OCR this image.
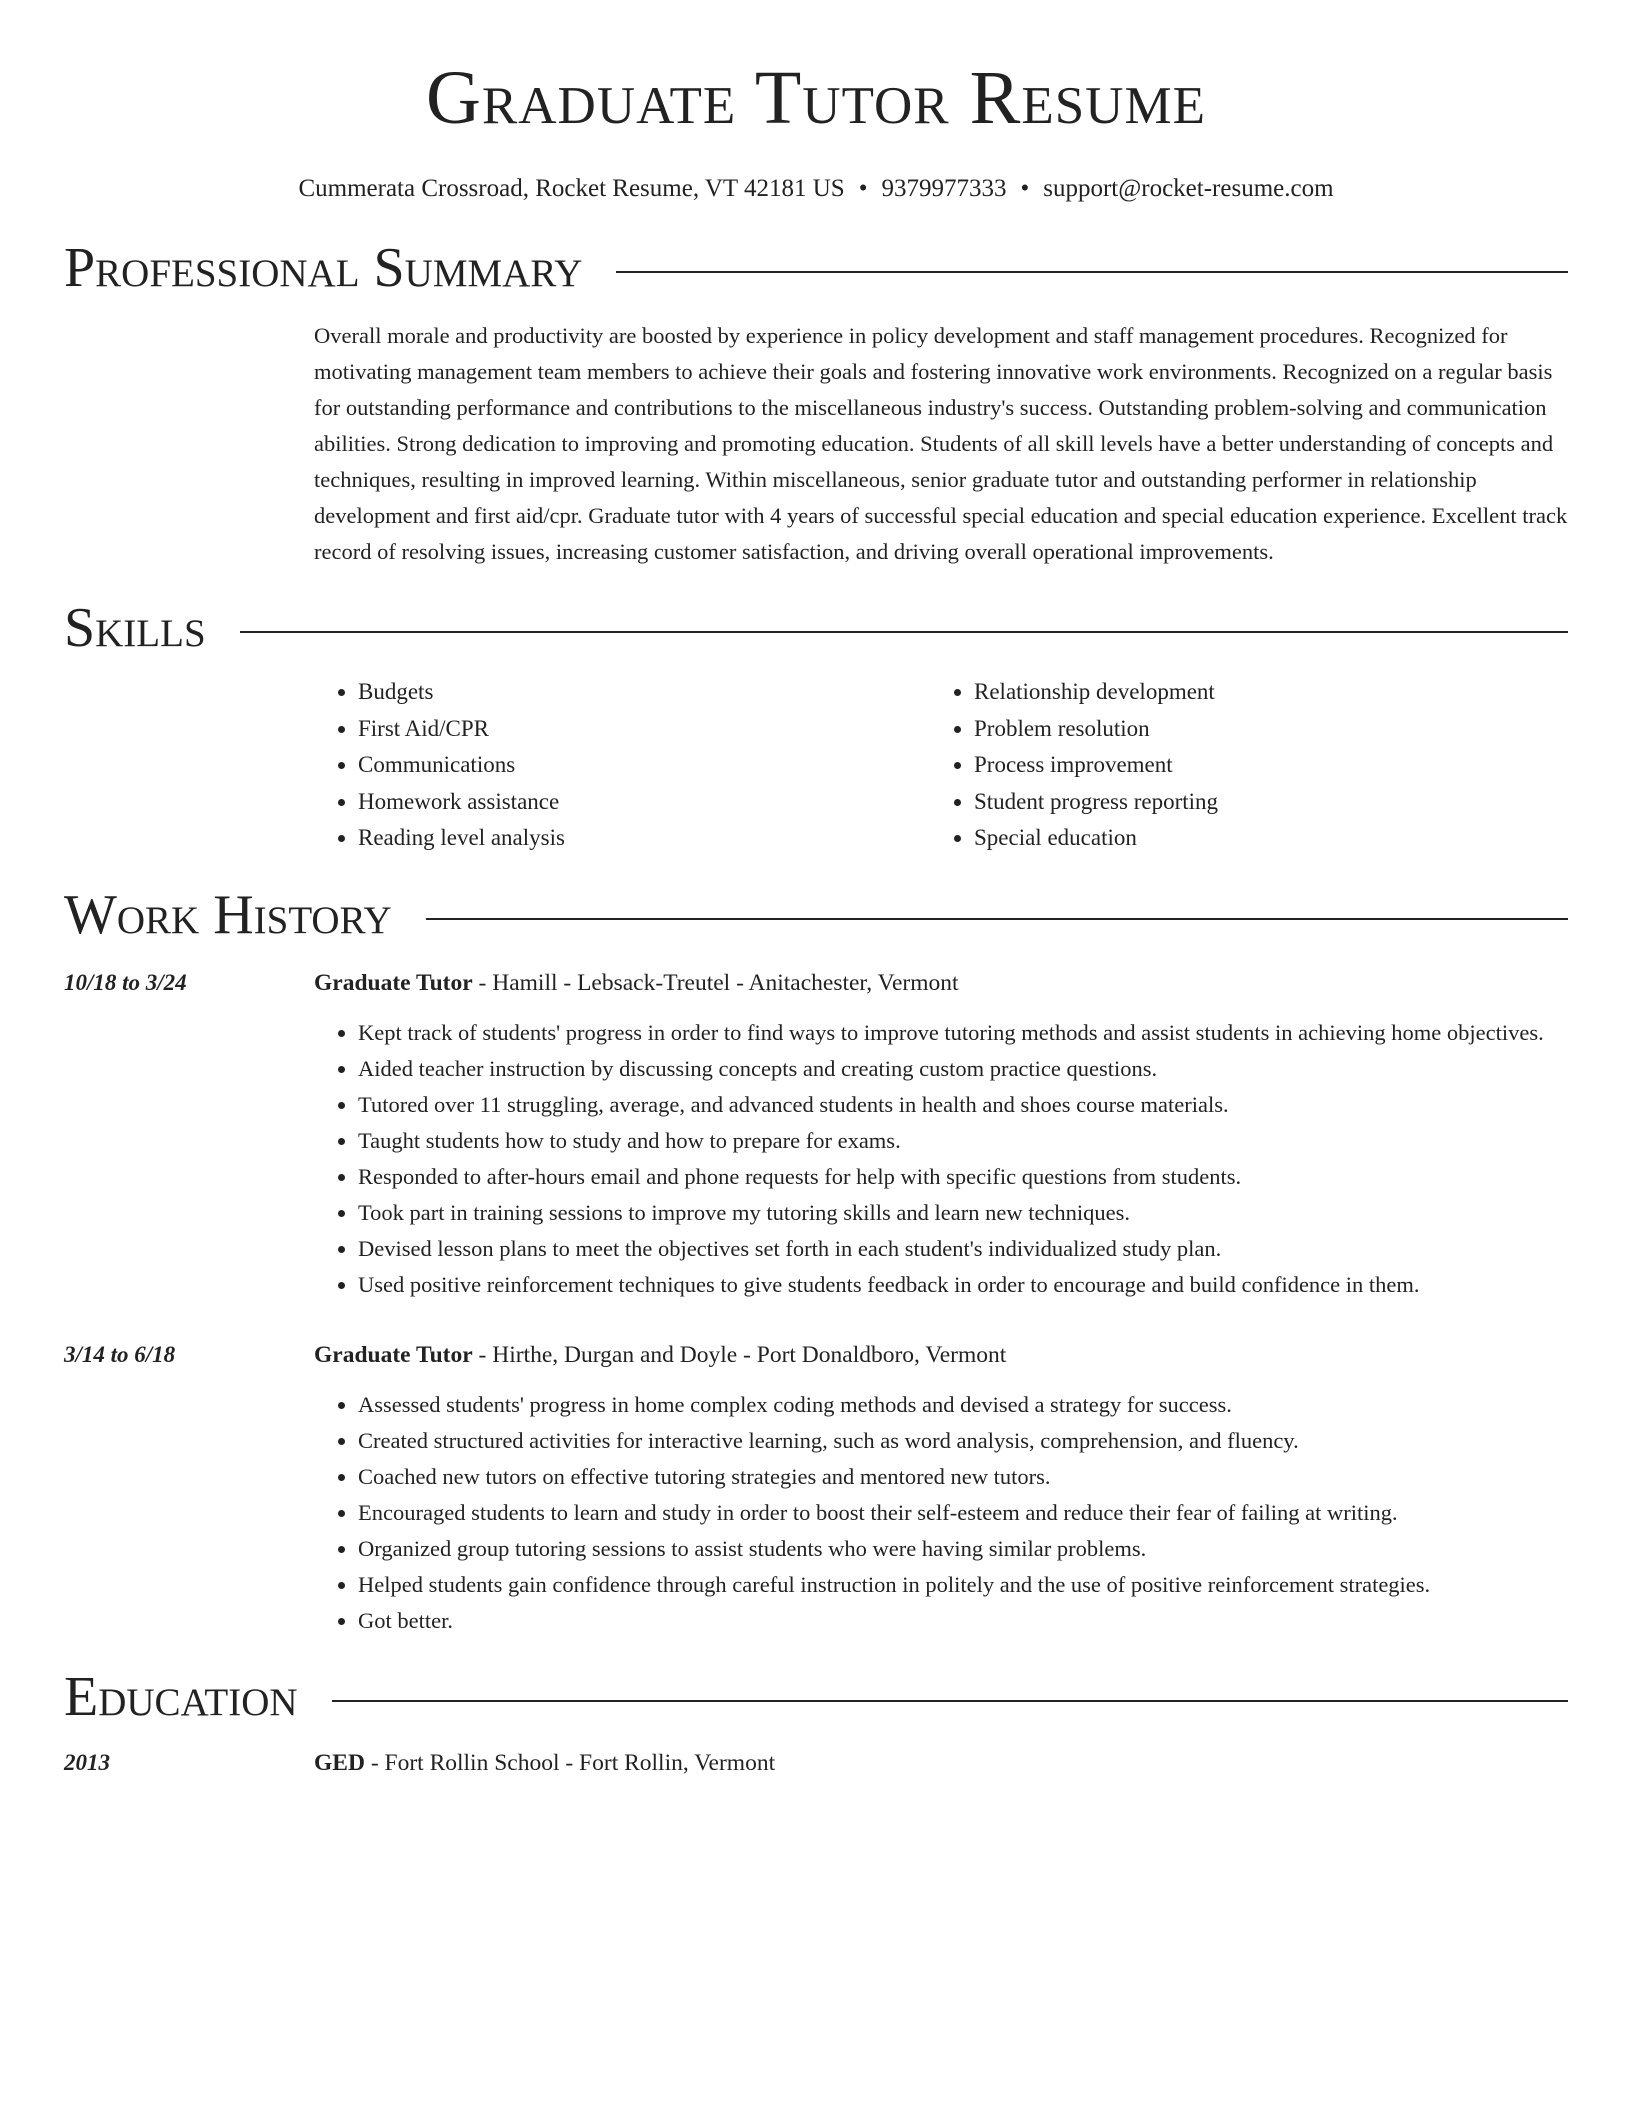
Graduate Tutor Resume
Cummerata Crossroad, Rocket Resume, VT 42181 US • 9379977333 • support@rocket-resume.com
Professional Summary
Overall morale and productivity are boosted by experience in policy development and staff management procedures. Recognized for motivating management team members to achieve their goals and fostering innovative work environments. Recognized on a regular basis for outstanding performance and contributions to the miscellaneous industry's success. Outstanding problem-solving and communication abilities. Strong dedication to improving and promoting education. Students of all skill levels have a better understanding of concepts and techniques, resulting in improved learning. Within miscellaneous, senior graduate tutor and outstanding performer in relationship development and first aid/cpr. Graduate tutor with 4 years of successful special education and special education experience. Excellent track record of resolving issues, increasing customer satisfaction, and driving overall operational improvements.
Skills
• Budgets
• First Aid/CPR
• Communications
• Homework assistance
• Reading level analysis
• Relationship development
• Problem resolution
• Process improvement
• Student progress reporting
• Special education
Work History
10/18 to 3/24	Graduate Tutor - Hamill - Lebsack-Treutel - Anitachester, Vermont
• Kept track of students' progress in order to find ways to improve tutoring methods and assist students in achieving home objectives.
• Aided teacher instruction by discussing concepts and creating custom practice questions.
• Tutored over 11 struggling, average, and advanced students in health and shoes course materials.
• Taught students how to study and how to prepare for exams.
• Responded to after-hours email and phone requests for help with specific questions from students.
• Took part in training sessions to improve my tutoring skills and learn new techniques.
• Devised lesson plans to meet the objectives set forth in each student's individualized study plan.
• Used positive reinforcement techniques to give students feedback in order to encourage and build confidence in them.
3/14 to 6/18	Graduate Tutor - Hirthe, Durgan and Doyle - Port Donaldboro, Vermont
• Assessed students' progress in home complex coding methods and devised a strategy for success.
• Created structured activities for interactive learning, such as word analysis, comprehension, and fluency.
• Coached new tutors on effective tutoring strategies and mentored new tutors.
• Encouraged students to learn and study in order to boost their self-esteem and reduce their fear of failing at writing.
• Organized group tutoring sessions to assist students who were having similar problems.
• Helped students gain confidence through careful instruction in politely and the use of positive reinforcement strategies.
• Got better.
Education
2013	GED - Fort Rollin School - Fort Rollin, Vermont
